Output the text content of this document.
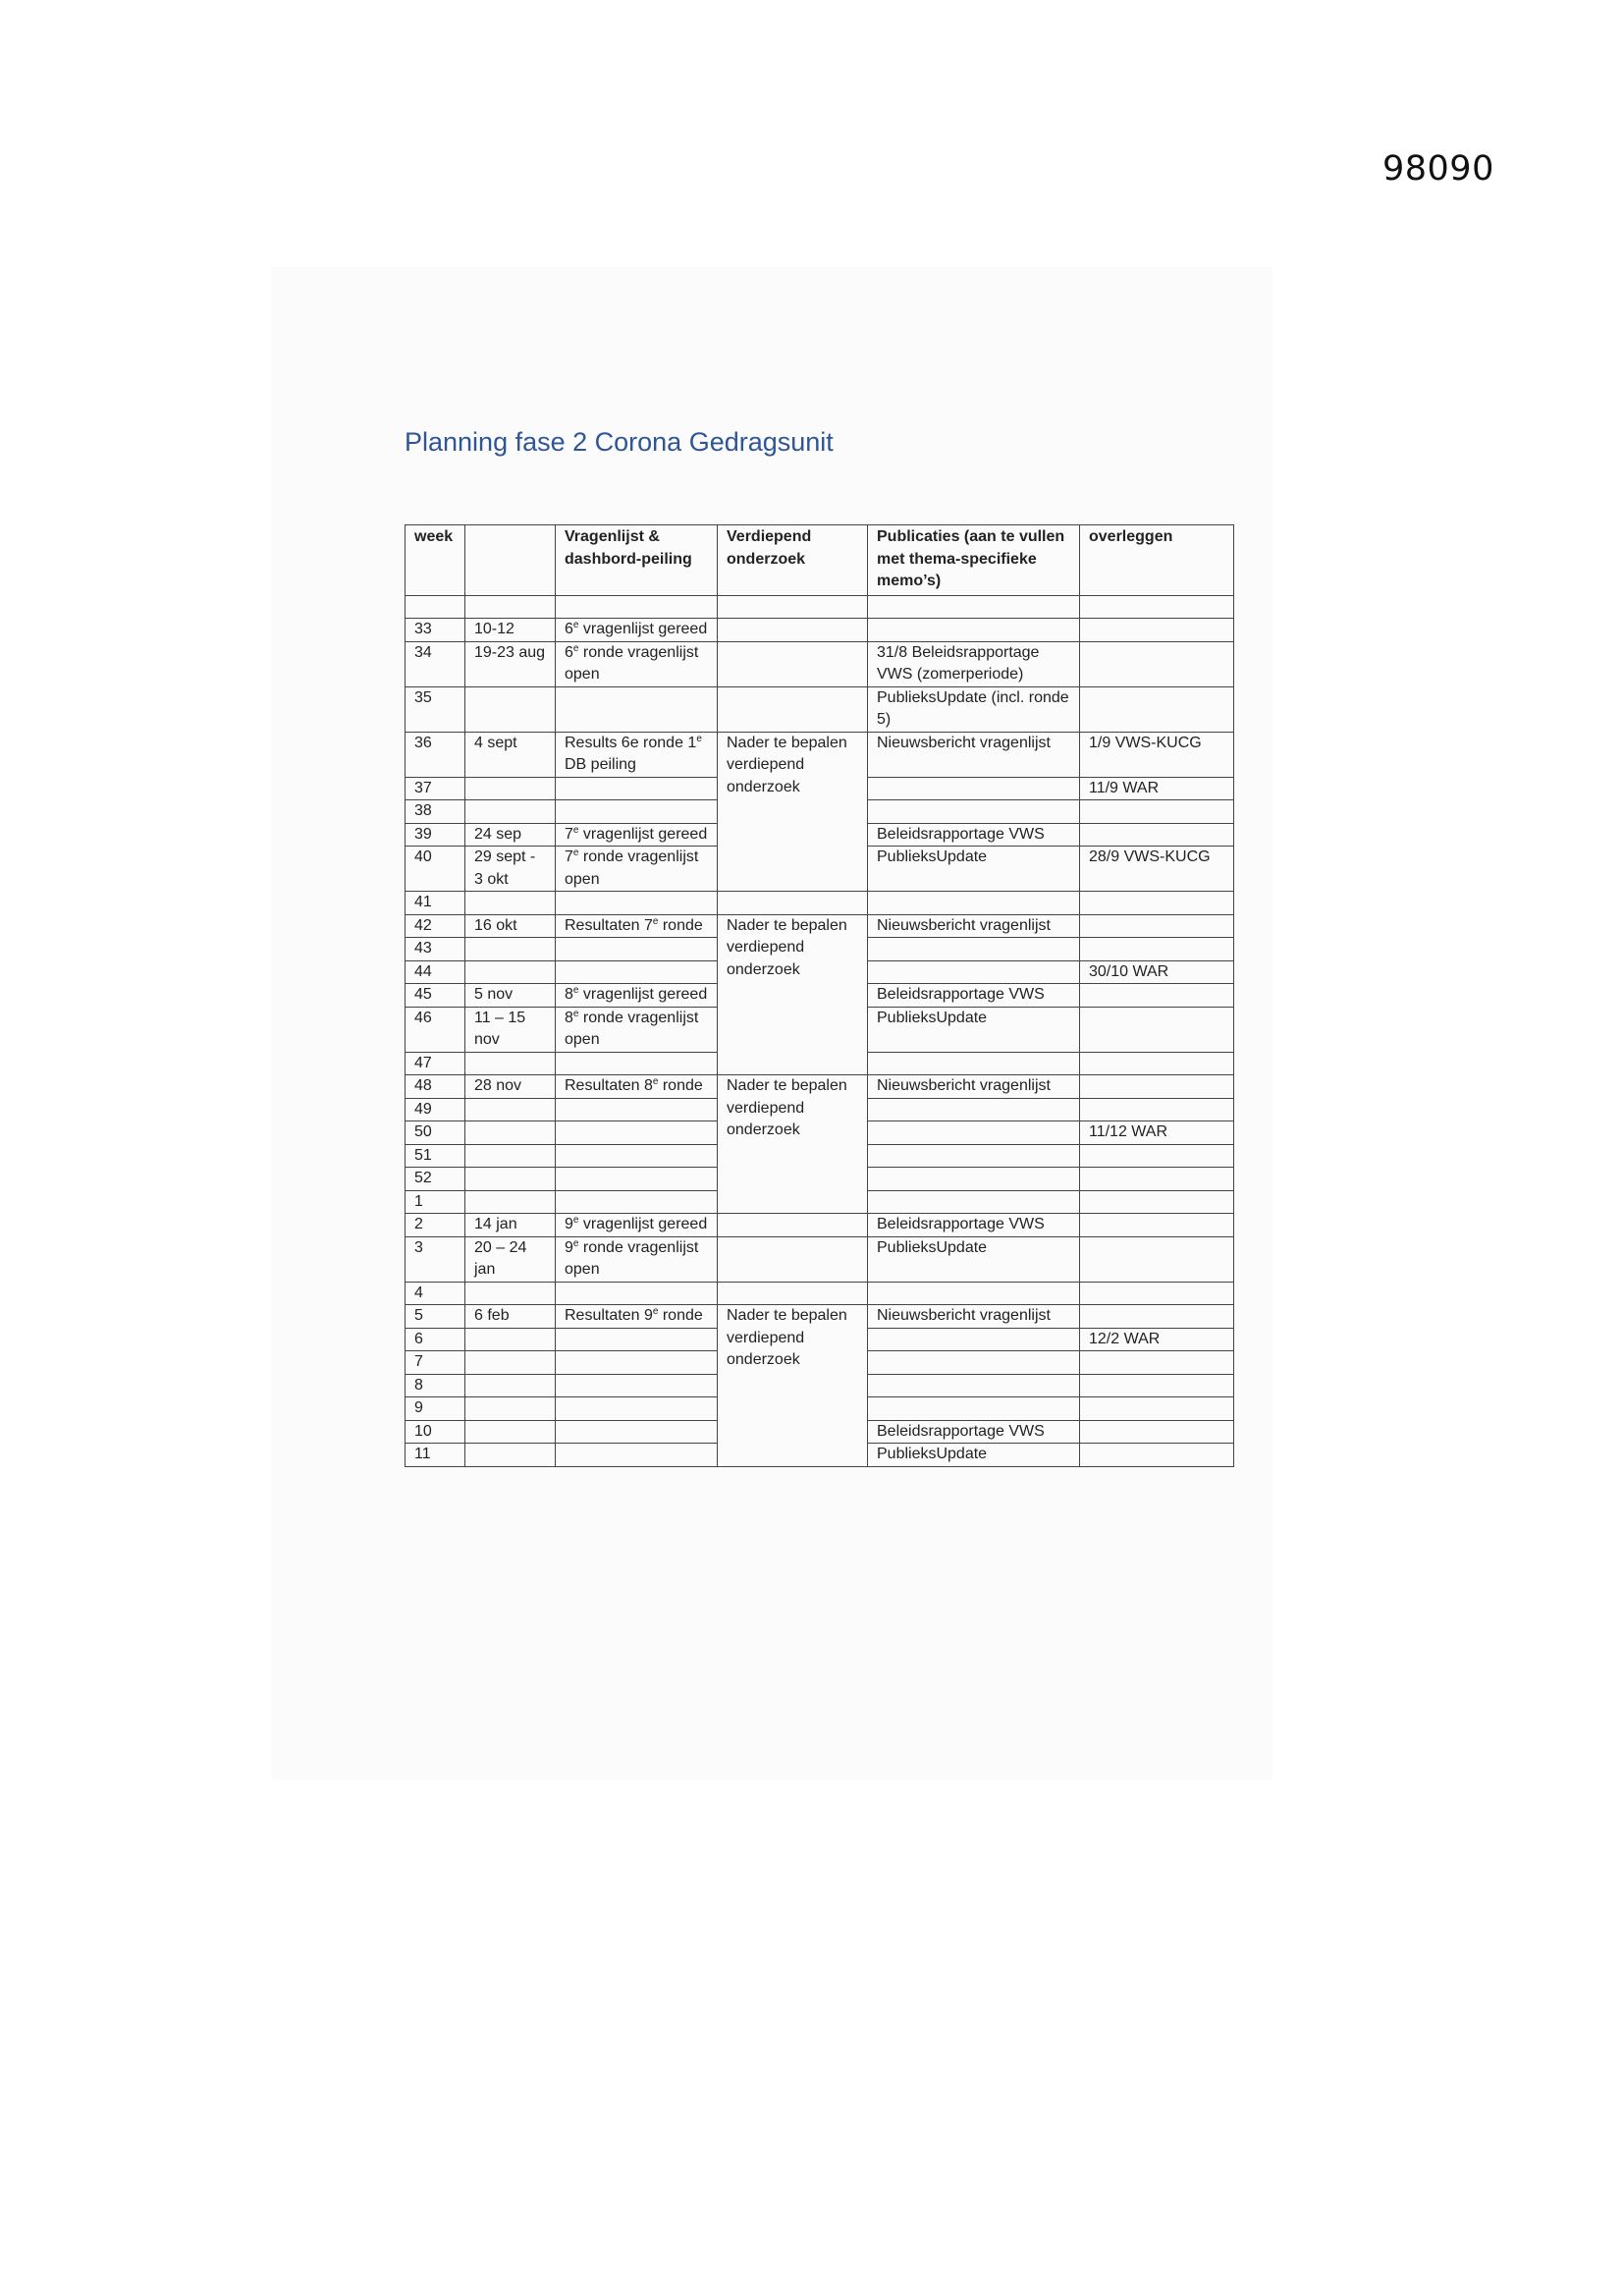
98090
Planning fase 2 Corona Gedragsunit
week		Vragenlijst & dashbord-peiling	Verdiepend onderzoek	Publicaties (aan te vullen met thema-specifieke memo’s)	overleggen

33	10-12	6e vragenlijst gereed			
34	19-23 aug	6e ronde vragenlijst open		31/8 Beleidsrapportage VWS (zomerperiode)	
35				PublieksUpdate (incl. ronde 5)	
36	4 sept	Results 6e ronde 1e DB peiling	Nader te bepalen verdiepend onderzoek	Nieuwsbericht vragenlijst	1/9 VWS-KUCG
37					11/9 WAR
38					
39	24 sep	7e vragenlijst gereed		Beleidsrapportage VWS	
40	29 sept - 3 okt	7e ronde vragenlijst open		PublieksUpdate	28/9 VWS-KUCG
41					
42	16 okt	Resultaten 7e ronde	Nader te bepalen verdiepend onderzoek	Nieuwsbericht vragenlijst	
43					
44					30/10 WAR
45	5 nov	8e vragenlijst gereed		Beleidsrapportage VWS	
46	11 – 15 nov	8e ronde vragenlijst open		PublieksUpdate	
47					
48	28 nov	Resultaten 8e ronde	Nader te bepalen verdiepend onderzoek	Nieuwsbericht vragenlijst	
49					
50					11/12 WAR
51					
52					
1					
2	14 jan	9e vragenlijst gereed		Beleidsrapportage VWS	
3	20 – 24 jan	9e ronde vragenlijst open		PublieksUpdate	
4					
5	6 feb	Resultaten 9e ronde	Nader te bepalen verdiepend onderzoek	Nieuwsbericht vragenlijst	
6					12/2 WAR
7					
8					
9					
10				Beleidsrapportage VWS	
11				PublieksUpdate	
